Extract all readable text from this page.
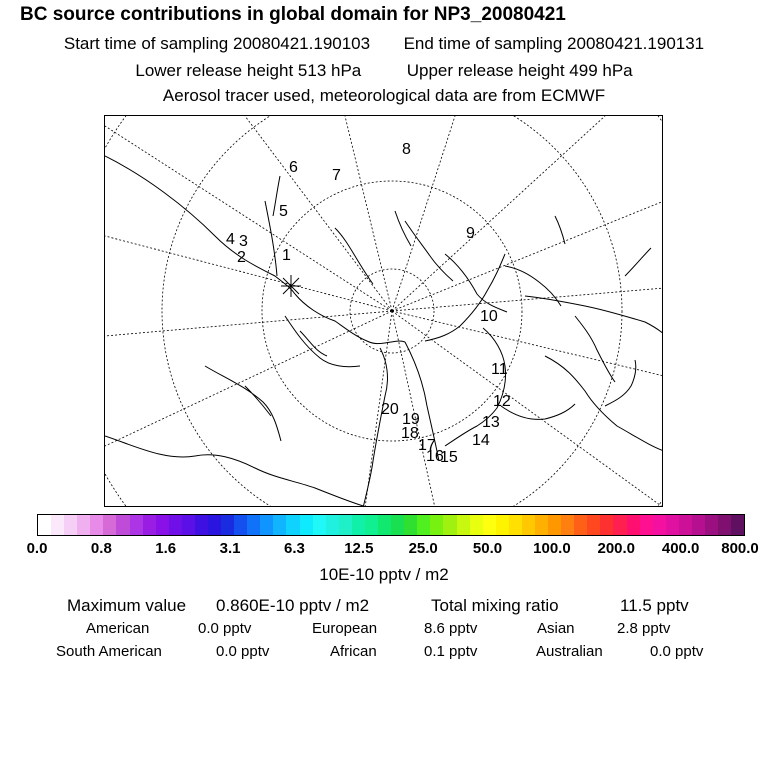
BC source contributions in global domain for NP3_20080421
Start time of sampling 20080421.190103 End time of sampling 20080421.190131
Lower release height 513 hPa	Upper release height 499 hPa
Aerosol tracer used, meteorological data are from ECMWF
1
2
3
4
5
6 7
8
9
10
11
12
13
14
15
16
17
18
19
20
0.0	0.8	1.6	3.1	6.3	12.5 25.0 50.0 100.0 200.0 400.0 800.0
10E-10 pptv / m2
Maximum value 0.860E-10 pptv / m2	Total mixing ratio	11.5 pptv
American	0.0 pptv	European	8.6 pptv	Asian	2.8 pptv
South American	0.0 pptv	African	0.1 pptv	Australian	0.0 pptv
